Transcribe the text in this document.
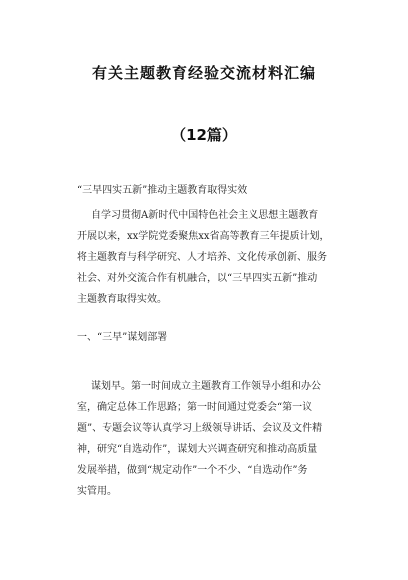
有关主题教育经验交流材料汇编
（12篇）
“三早四实五新”推动主题教育取得实效
自学习贯彻A新时代中国特色社会主义思想主题教育
开展以来，xx学院党委聚焦xx省高等教育三年提质计划，
将主题教育与科学研究、人才培养、文化传承创新、服务
社会、对外交流合作有机融合，以“三早四实五新”推动
主题教育取得实效。
一、“三早”谋划部署
谋划早。第一时间成立主题教育工作领导小组和办公
室，确定总体工作思路；第一时间通过党委会“第一议
题”、专题会议等认真学习上级领导讲话、会议及文件精
神，研究“自选动作”，谋划大兴调查研究和推动高质量
发展举措，做到“规定动作”一个不少、“自选动作”务
实管用。
